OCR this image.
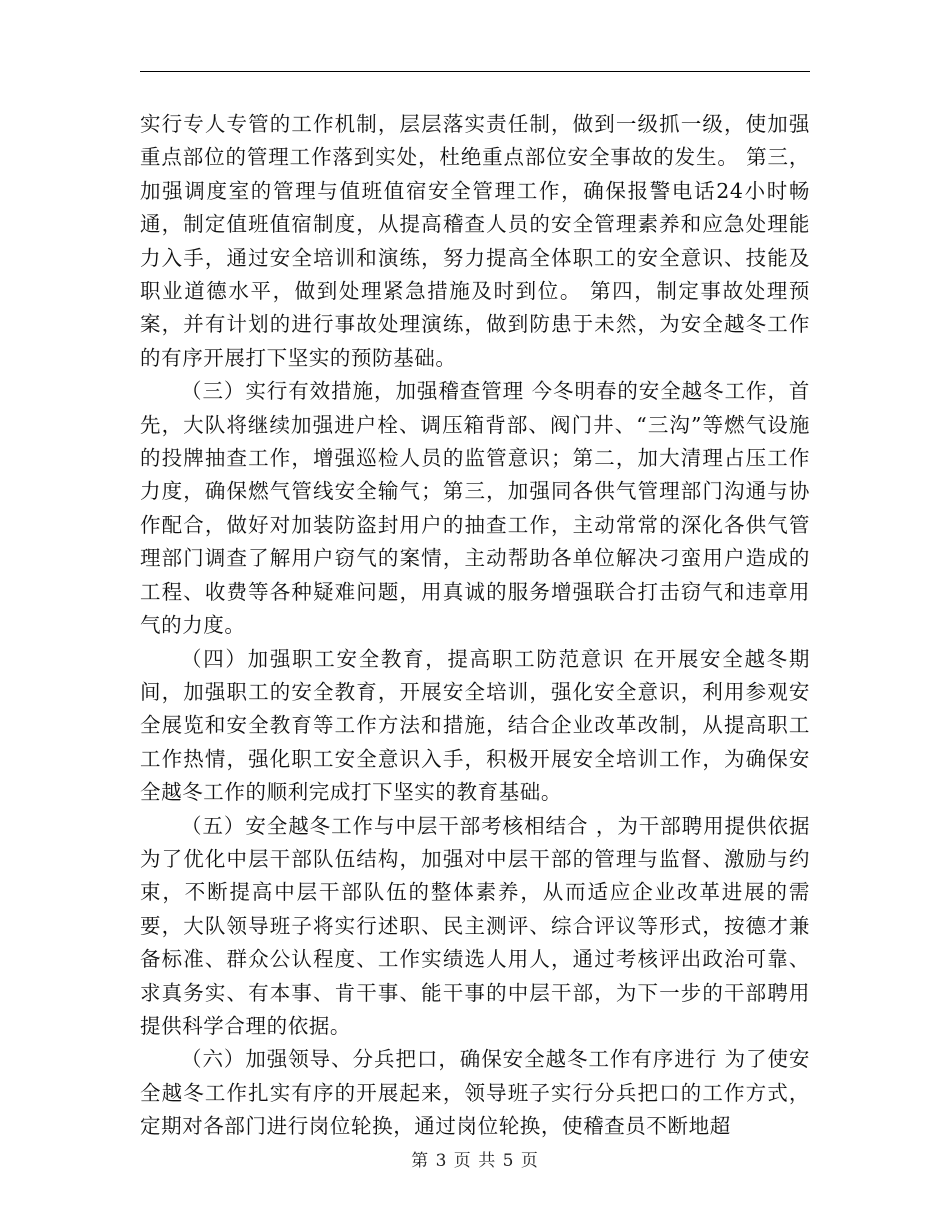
实行专人专管的工作机制，层层落实责任制，做到一级抓一级，使加强重点部位的管理工作落到实处，杜绝重点部位安全事故的发生。 第三，加强调度室的管理与值班值宿安全管理工作，确保报警电话24小时畅通，制定值班值宿制度，从提高稽查人员的安全管理素养和应急处理能力入手，通过安全培训和演练，努力提高全体职工的安全意识、技能及职业道德水平，做到处理紧急措施及时到位。 第四，制定事故处理预案，并有计划的进行事故处理演练，做到防患于未然，为安全越冬工作的有序开展打下坚实的预防基础。

（三）实行有效措施，加强稽查管理 今冬明春的安全越冬工作，首先，大队将继续加强进户栓、调压箱背部、阀门井、“三沟”等燃气设施的投牌抽查工作，增强巡检人员的监管意识；第二，加大清理占压工作力度，确保燃气管线安全输气；第三，加强同各供气管理部门沟通与协作配合，做好对加装防盗封用户的抽查工作，主动常常的深化各供气管理部门调查了解用户窃气的案情，主动帮助各单位解决刁蛮用户造成的工程、收费等各种疑难问题，用真诚的服务增强联合打击窃气和违章用气的力度。

（四）加强职工安全教育，提高职工防范意识 在开展安全越冬期间，加强职工的安全教育，开展安全培训，强化安全意识，利用参观安全展览和安全教育等工作方法和措施，结合企业改革改制，从提高职工工作热情，强化职工安全意识入手，积极开展安全培训工作，为确保安全越冬工作的顺利完成打下坚实的教育基础。

（五）安全越冬工作与中层干部考核相结合 ，为干部聘用提供依据 为了优化中层干部队伍结构，加强对中层干部的管理与监督、激励与约束，不断提高中层干部队伍的整体素养，从而适应企业改革进展的需要，大队领导班子将实行述职、民主测评、综合评议等形式，按德才兼备标准、群众公认程度、工作实绩选人用人，通过考核评出政治可靠、求真务实、有本事、肯干事、能干事的中层干部，为下一步的干部聘用提供科学合理的依据。

（六）加强领导、分兵把口，确保安全越冬工作有序进行 为了使安全越冬工作扎实有序的开展起来，领导班子实行分兵把口的工作方式，定期对各部门进行岗位轮换，通过岗位轮换，使稽查员不断地超

第 3 页 共 5 页
